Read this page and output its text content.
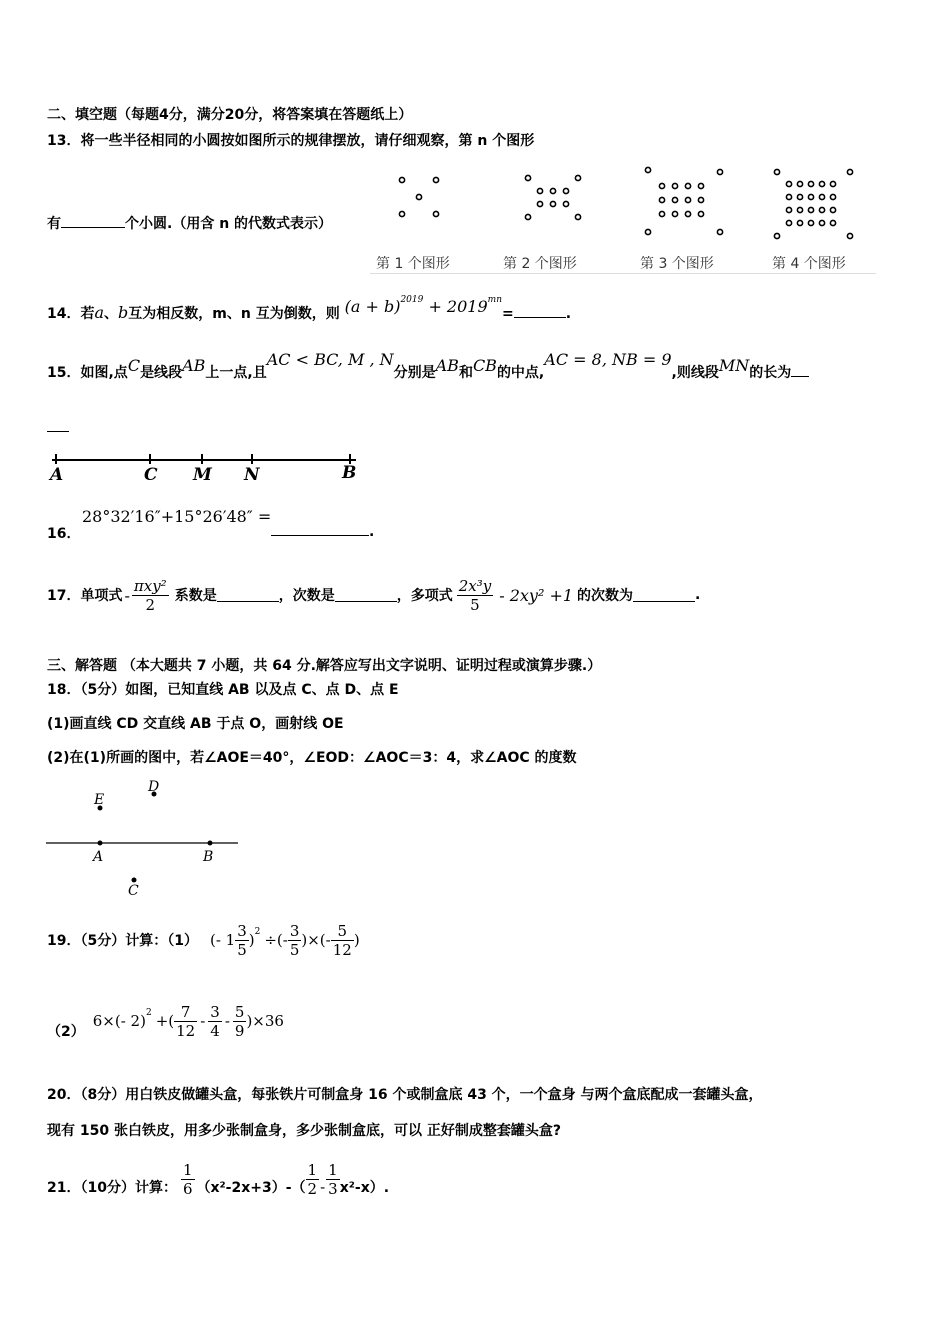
二、填空题（每题4分，满分20分，将答案填在答题纸上）
13．将一些半径相同的小圆按如图所示的规律摆放，请仔细观察，第 n 个图形
有	个小圆.（用含 n 的代数式表示）
第 1 个图形	第 2 个图形	第 3 个图形	第 4 个图形
14．若a、b互为相反数，m、n 互为倒数，则 $(a + b)^{2019} + 2019^{mn}=$	.
15．如图,点C是线段AB上一点,且AC < BC, M , N分别是AB和CB的中点,AC = 8, NB = 9,则线段MN的长为
A	C M N	B
16．
28°32′16″+15°26′48″ =
.
17． 单项式 - $\frac{\text{πxy²}}{2}$ 系数是	，次数是	，多项式 $\frac{\text{2x³y}}{5} - 2xy^2 +1$ 的次数为	.
三、解答题 （本大题共 7 小题，共 64 分.解答应写出文字说明、证明过程或演算步骤.）
18．（5分）如图，已知直线 AB 以及点 C、点 D、点 E
(1)画直线 CD 交直线 AB 于点 O，画射线 OE
(2)在(1)所画的图中，若∠AOE＝40°，∠EOD：∠AOC＝3：4，求∠AOC 的度数
E
D
A	B
C
19．（5分）计算：（1） (- $1 \frac{3}{5} )^2$ ÷(- $\frac{3}{5}$ )×(- $\frac{5}{12}$ )
（2）
6×(- 2)$^2$ +( $\frac{7}{12} - \frac{3}{4} - \frac{5}{9} )\times 36$
20．（8分）用白铁皮做罐头盒，每张铁片可制盒身 16 个或制盒底 43 个，一个盒身 与两个盒底配成一套罐头盒，
现有 150 张白铁皮，用多少张制盒身，多少张制盒底，可以 正好制成整套罐头盒?
21．（10分）计算： $\frac{1}{6} (x^2-2x+3)-( \frac{1}{2} - \frac{1}{3} x^2-x)$.
